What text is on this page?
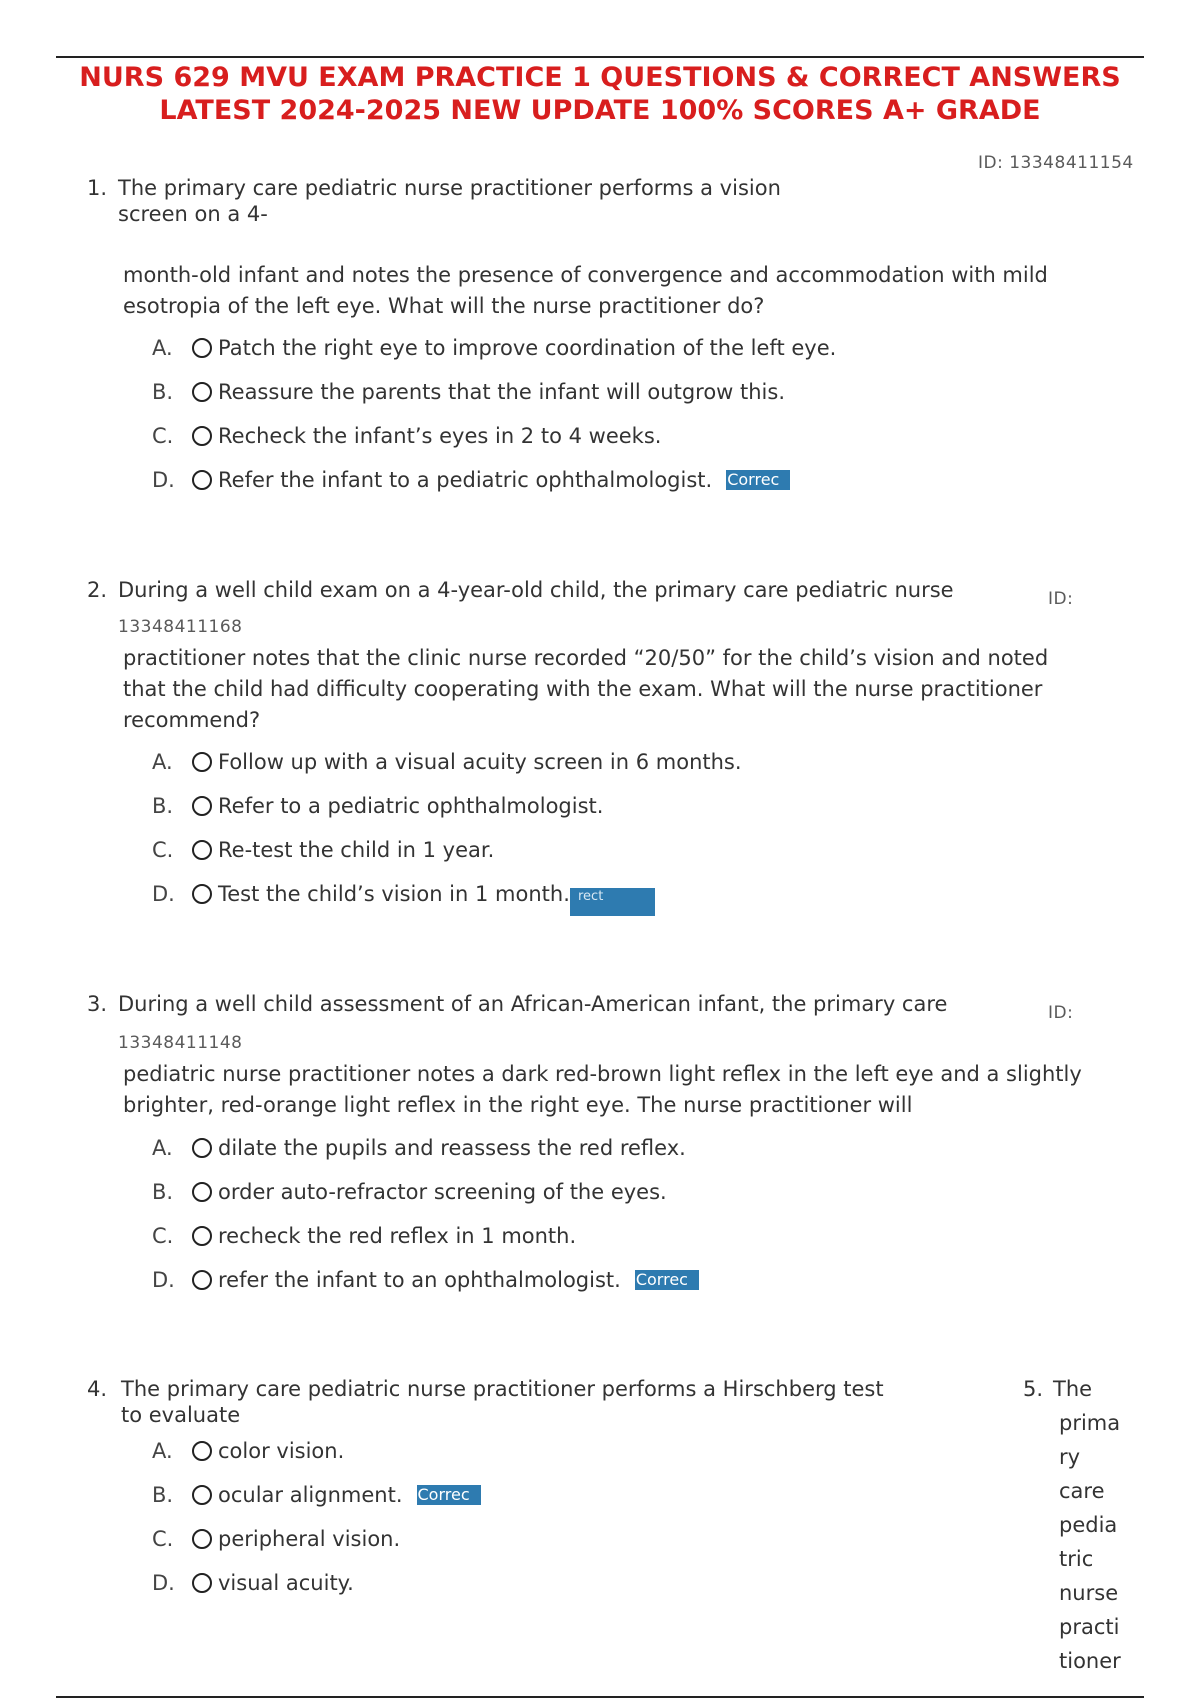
NURS 629 MVU EXAM PRACTICE 1 QUESTIONS & CORRECT ANSWERS
LATEST 2024-2025 NEW UPDATE 100% SCORES A+ GRADE
ID: 13348411154
1. The primary care pediatric nurse practitioner performs a vision
screen on a 4-

month-old infant and notes the presence of convergence and accommodation with mild esotropia of the left eye. What will the nurse practitioner do?

A.	Patch the right eye to improve coordination of the left eye.
B.	Reassure the parents that the infant will outgrow this.
C.	Recheck the infant’s eyes in 2 to 4 weeks.
D.	Refer the infant to a pediatric ophthalmologist. Correc
2. During a well child exam on a 4-year-old child, the primary care pediatric nurse	ID:
13348411168

practitioner notes that the clinic nurse recorded “20/50” for the child’s vision and noted that the child had difficulty cooperating with the exam. What will the nurse practitioner recommend?

A.	Follow up with a visual acuity screen in 6 months.
B.	Refer to a pediatric ophthalmologist.
C.	Re-test the child in 1 year.
D.	Test the child’s vision in 1 month. rect
3. During a well child assessment of an African-American infant, the primary care	ID:
13348411148

pediatric nurse practitioner notes a dark red-brown light reflex in the left eye and a slightly brighter, red-orange light reflex in the right eye. The nurse practitioner will

A.	dilate the pupils and reassess the red reflex.
B.	order auto-refractor screening of the eyes.
C.	recheck the red reflex in 1 month.
D.	refer the infant to an ophthalmologist. Correc
4. The primary care pediatric nurse practitioner performs a Hirschberg test
to evaluate
A.	color vision.
B.	ocular alignment. Correc
C.	peripheral vision.
D.	visual acuity.
5. The
prima
ry
care
pedia
tric
nurse
practi
tioner
